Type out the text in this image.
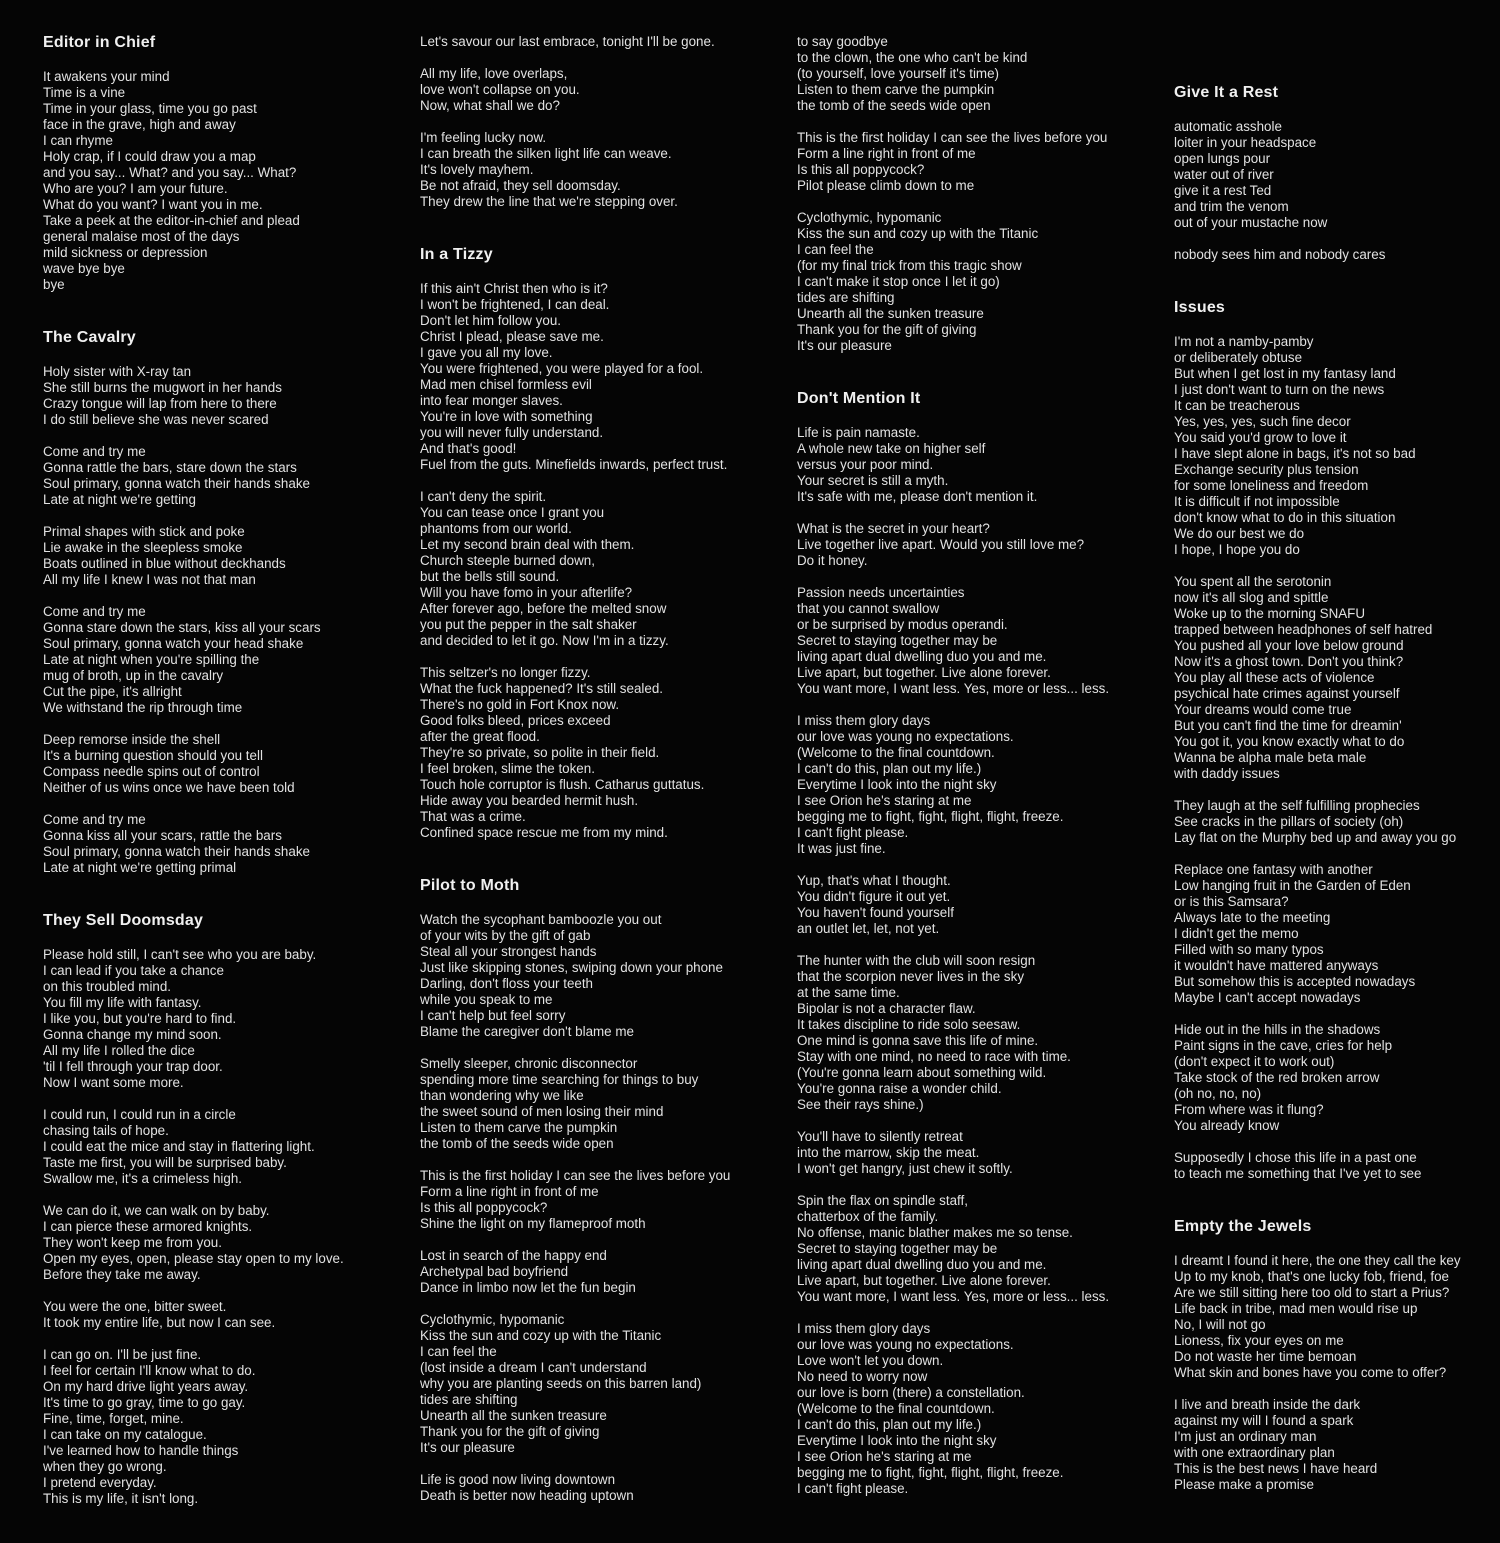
Editor in Chief
It awakens your mind
Time is a vine
Time in your glass, time you go past
face in the grave, high and away
I can rhyme
Holy crap, if I could draw you a map
and you say... What? and you say... What?
Who are you? I am your future.
What do you want? I want you in me.
Take a peek at the editor-in-chief and plead
general malaise most of the days
mild sickness or depression
wave bye bye
bye
The Cavalry
Holy sister with X-ray tan
She still burns the mugwort in her hands
Crazy tongue will lap from here to there
I do still believe she was never scared
Come and try me
Gonna rattle the bars, stare down the stars
Soul primary, gonna watch their hands shake
Late at night we're getting
Primal shapes with stick and poke
Lie awake in the sleepless smoke
Boats outlined in blue without deckhands
All my life I knew I was not that man
Come and try me
Gonna stare down the stars, kiss all your scars
Soul primary, gonna watch your head shake
Late at night when you're spilling the
mug of broth, up in the cavalry
Cut the pipe, it's allright
We withstand the rip through time
Deep remorse inside the shell
It's a burning question should you tell
Compass needle spins out of control
Neither of us wins once we have been told
Come and try me
Gonna kiss all your scars, rattle the bars
Soul primary, gonna watch their hands shake
Late at night we're getting primal
They Sell Doomsday
Please hold still, I can't see who you are baby.
I can lead if you take a chance
on this troubled mind.
You fill my life with fantasy.
I like you, but you're hard to find.
Gonna change my mind soon.
All my life I rolled the dice
'til I fell through your trap door.
Now I want some more.
I could run, I could run in a circle
chasing tails of hope.
I could eat the mice and stay in flattering light.
Taste me first, you will be surprised baby.
Swallow me, it's a crimeless high.
We can do it, we can walk on by baby.
I can pierce these armored knights.
They won't keep me from you.
Open my eyes, open, please stay open to my love.
Before they take me away.
You were the one, bitter sweet.
It took my entire life, but now I can see.
I can go on. I'll be just fine.
I feel for certain I'll know what to do.
On my hard drive light years away.
It's time to go gray, time to go gay.
Fine, time, forget, mine.
I can take on my catalogue.
I've learned how to handle things
when they go wrong.
I pretend everyday.
This is my life, it isn't long.
Let's savour our last embrace, tonight I'll be gone.
All my life, love overlaps,
love won't collapse on you.
Now, what shall we do?
I'm feeling lucky now.
I can breath the silken light life can weave.
It's lovely mayhem.
Be not afraid, they sell doomsday.
They drew the line that we're stepping over.
In a Tizzy
If this ain't Christ then who is it?
I won't be frightened, I can deal.
Don't let him follow you.
Christ I plead, please save me.
I gave you all my love.
You were frightened, you were played for a fool.
Mad men chisel formless evil
into fear monger slaves.
You're in love with something
you will never fully understand.
And that's good!
Fuel from the guts. Minefields inwards, perfect trust.
I can't deny the spirit.
You can tease once I grant you
phantoms from our world.
Let my second brain deal with them.
Church steeple burned down,
but the bells still sound.
Will you have fomo in your afterlife?
After forever ago, before the melted snow
you put the pepper in the salt shaker
and decided to let it go. Now I'm in a tizzy.
This seltzer's no longer fizzy.
What the fuck happened? It's still sealed.
There's no gold in Fort Knox now.
Good folks bleed, prices exceed
after the great flood.
They're so private, so polite in their field.
I feel broken, slime the token.
Touch hole corruptor is flush. Catharus guttatus.
Hide away you bearded hermit hush.
That was a crime.
Confined space rescue me from my mind.
Pilot to Moth
Watch the sycophant bamboozle you out
of your wits by the gift of gab
Steal all your strongest hands
Just like skipping stones, swiping down your phone
Darling, don't floss your teeth
while you speak to me
I can't help but feel sorry
Blame the caregiver don't blame me
Smelly sleeper, chronic disconnector
spending more time searching for things to buy
than wondering why we like
the sweet sound of men losing their mind
Listen to them carve the pumpkin
the tomb of the seeds wide open
This is the first holiday I can see the lives before you
Form a line right in front of me
Is this all poppycock?
Shine the light on my flameproof moth
Lost in search of the happy end
Archetypal bad boyfriend
Dance in limbo now let the fun begin
Cyclothymic, hypomanic
Kiss the sun and cozy up with the Titanic
I can feel the
(lost inside a dream I can't understand
why you are planting seeds on this barren land)
tides are shifting
Unearth all the sunken treasure
Thank you for the gift of giving
It's our pleasure
Life is good now living downtown
Death is better now heading uptown
to say goodbye
to the clown, the one who can't be kind
(to yourself, love yourself it's time)
Listen to them carve the pumpkin
the tomb of the seeds wide open
This is the first holiday I can see the lives before you
Form a line right in front of me
Is this all poppycock?
Pilot please climb down to me
Cyclothymic, hypomanic
Kiss the sun and cozy up with the Titanic
I can feel the
(for my final trick from this tragic show
I can't make it stop once I let it go)
tides are shifting
Unearth all the sunken treasure
Thank you for the gift of giving
It's our pleasure
Don't Mention It
Life is pain namaste.
A whole new take on higher self
versus your poor mind.
Your secret is still a myth.
It's safe with me, please don't mention it.
What is the secret in your heart?
Live together live apart. Would you still love me?
Do it honey.
Passion needs uncertainties
that you cannot swallow
or be surprised by modus operandi.
Secret to staying together may be
living apart dual dwelling duo you and me.
Live apart, but together. Live alone forever.
You want more, I want less. Yes, more or less... less.
I miss them glory days
our love was young no expectations.
(Welcome to the final countdown.
I can't do this, plan out my life.)
Everytime I look into the night sky
I see Orion he's staring at me
begging me to fight, fight, flight, flight, freeze.
I can't fight please.
It was just fine.
Yup, that's what I thought.
You didn't figure it out yet.
You haven't found yourself
an outlet let, let, not yet.
The hunter with the club will soon resign
that the scorpion never lives in the sky
at the same time.
Bipolar is not a character flaw.
It takes discipline to ride solo seesaw.
One mind is gonna save this life of mine.
Stay with one mind, no need to race with time.
(You're gonna learn about something wild.
You're gonna raise a wonder child.
See their rays shine.)
You'll have to silently retreat
into the marrow, skip the meat.
I won't get hangry, just chew it softly.
Spin the flax on spindle staff,
chatterbox of the family.
No offense, manic blather makes me so tense.
Secret to staying together may be
living apart dual dwelling duo you and me.
Live apart, but together. Live alone forever.
You want more, I want less. Yes, more or less... less.
I miss them glory days
our love was young no expectations.
Love won't let you down.
No need to worry now
our love is born (there) a constellation.
(Welcome to the final countdown.
I can't do this, plan out my life.)
Everytime I look into the night sky
I see Orion he's staring at me
begging me to fight, fight, flight, flight, freeze.
I can't fight please.
Give It a Rest
automatic asshole
loiter in your headspace
open lungs pour
water out of river
give it a rest Ted
and trim the venom
out of your mustache now
nobody sees him and nobody cares
Issues
I'm not a namby-pamby
or deliberately obtuse
But when I get lost in my fantasy land
I just don't want to turn on the news
It can be treacherous
Yes, yes, yes, such fine decor
You said you'd grow to love it
I have slept alone in bags, it's not so bad
Exchange security plus tension
for some loneliness and freedom
It is difficult if not impossible
don't know what to do in this situation
We do our best we do
I hope, I hope you do
You spent all the serotonin
now it's all slog and spittle
Woke up to the morning SNAFU
trapped between headphones of self hatred
You pushed all your love below ground
Now it's a ghost town. Don't you think?
You play all these acts of violence
psychical hate crimes against yourself
Your dreams would come true
But you can't find the time for dreamin'
You got it, you know exactly what to do
Wanna be alpha male beta male
with daddy issues
They laugh at the self fulfilling prophecies
See cracks in the pillars of society (oh)
Lay flat on the Murphy bed up and away you go
Replace one fantasy with another
Low hanging fruit in the Garden of Eden
or is this Samsara?
Always late to the meeting
I didn't get the memo
Filled with so many typos
it wouldn't have mattered anyways
But somehow this is accepted nowadays
Maybe I can't accept nowadays
Hide out in the hills in the shadows
Paint signs in the cave, cries for help
(don't expect it to work out)
Take stock of the red broken arrow
(oh no, no, no)
From where was it flung?
You already know
Supposedly I chose this life in a past one
to teach me something that I've yet to see
Empty the Jewels
I dreamt I found it here, the one they call the key
Up to my knob, that's one lucky fob, friend, foe
Are we still sitting here too old to start a Prius?
Life back in tribe, mad men would rise up
No, I will not go
Lioness, fix your eyes on me
Do not waste her time bemoan
What skin and bones have you come to offer?
I live and breath inside the dark
against my will I found a spark
I'm just an ordinary man
with one extraordinary plan
This is the best news I have heard
Please make a promise
